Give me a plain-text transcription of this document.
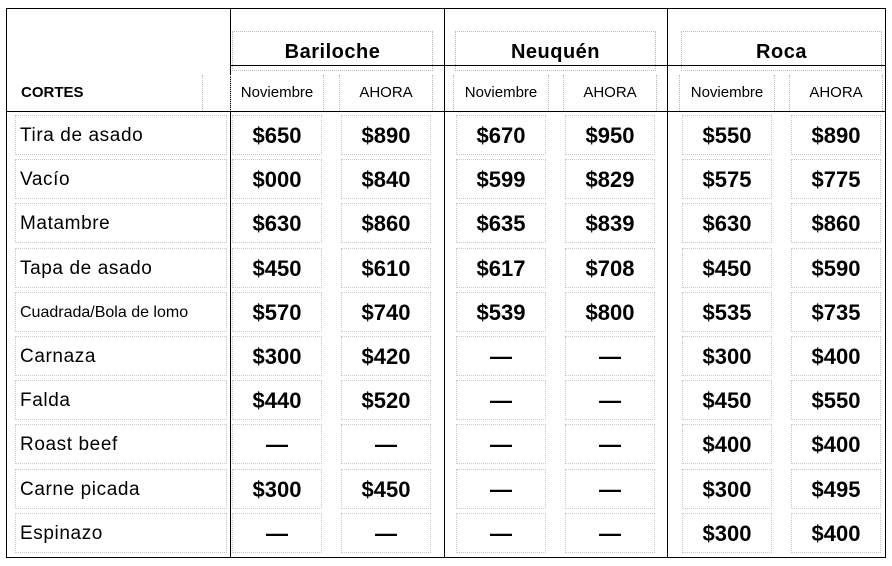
Bariloche	Neuquén	Roca
CORTES	Noviembre	AHORA	Noviembre	AHORA	Noviembre	AHORA
Tira de asado	$650	$890	$670	$950	$550	$890
Vacío	$000	$840	$599	$829	$575	$775
Matambre	$630	$860	$635	$839	$630	$860
Tapa de asado	$450	$610	$617	$708	$450	$590
Cuadrada/Bola de lomo	$570	$740	$539	$800	$535	$735
Carnaza	$300	$420	—	—	$300	$400
Falda	$440	$520	—	—	$450	$550
Roast beef	—	—	—	—	$400	$400
Carne picada	$300	$450	—	—	$300	$495
Espinazo	—	—	—	—	$300	$400
